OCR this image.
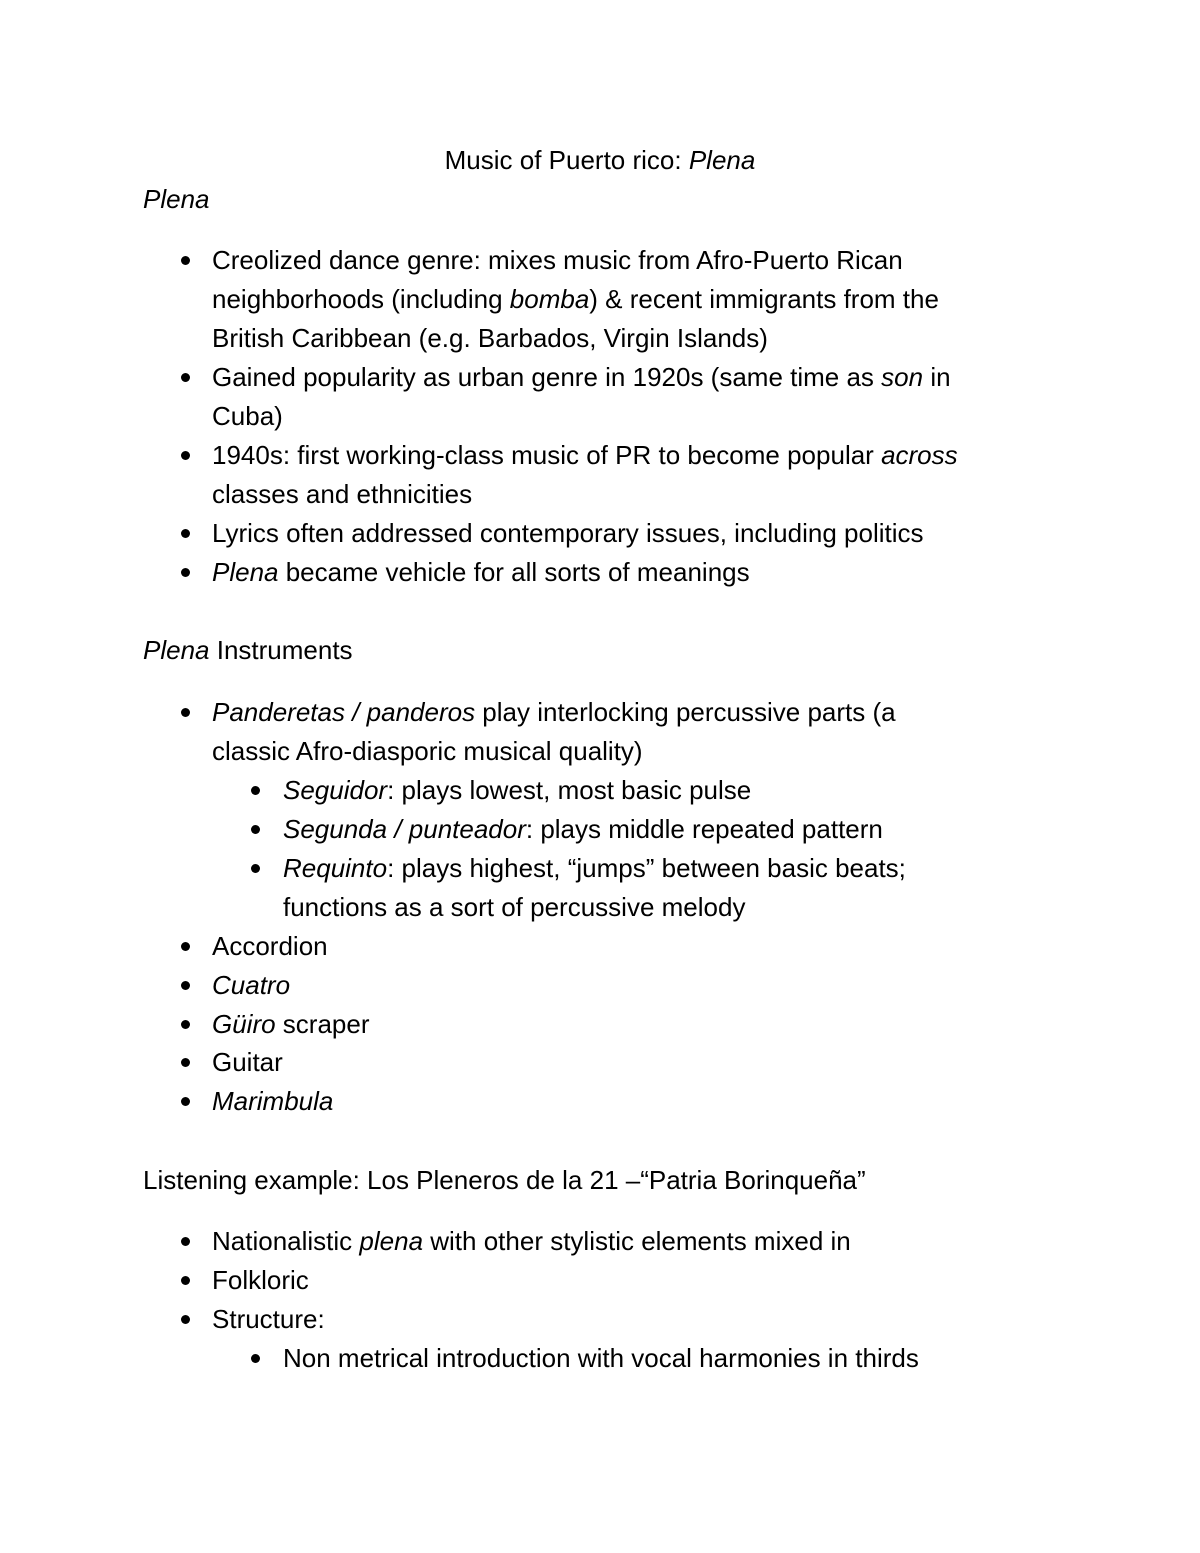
Music of Puerto rico: Plena
Plena
Creolized dance genre: mixes music from Afro-Puerto Rican
neighborhoods (including bomba) & recent immigrants from the
British Caribbean (e.g. Barbados, Virgin Islands)
Gained popularity as urban genre in 1920s (same time as son in
Cuba)
1940s: first working-class music of PR to become popular across
classes and ethnicities
Lyrics often addressed contemporary issues, including politics
Plena became vehicle for all sorts of meanings
Plena Instruments
Panderetas / panderos play interlocking percussive parts (a
classic Afro-diasporic musical quality)
Seguidor: plays lowest, most basic pulse
Segunda / punteador: plays middle repeated pattern
Requinto: plays highest, “jumps” between basic beats;
functions as a sort of percussive melody
Accordion
Cuatro
Güiro scraper
Guitar
Marimbula
Listening example: Los Pleneros de la 21 –“Patria Borinqueña”
Nationalistic plena with other stylistic elements mixed in
Folkloric
Structure:
Non metrical introduction with vocal harmonies in thirds
